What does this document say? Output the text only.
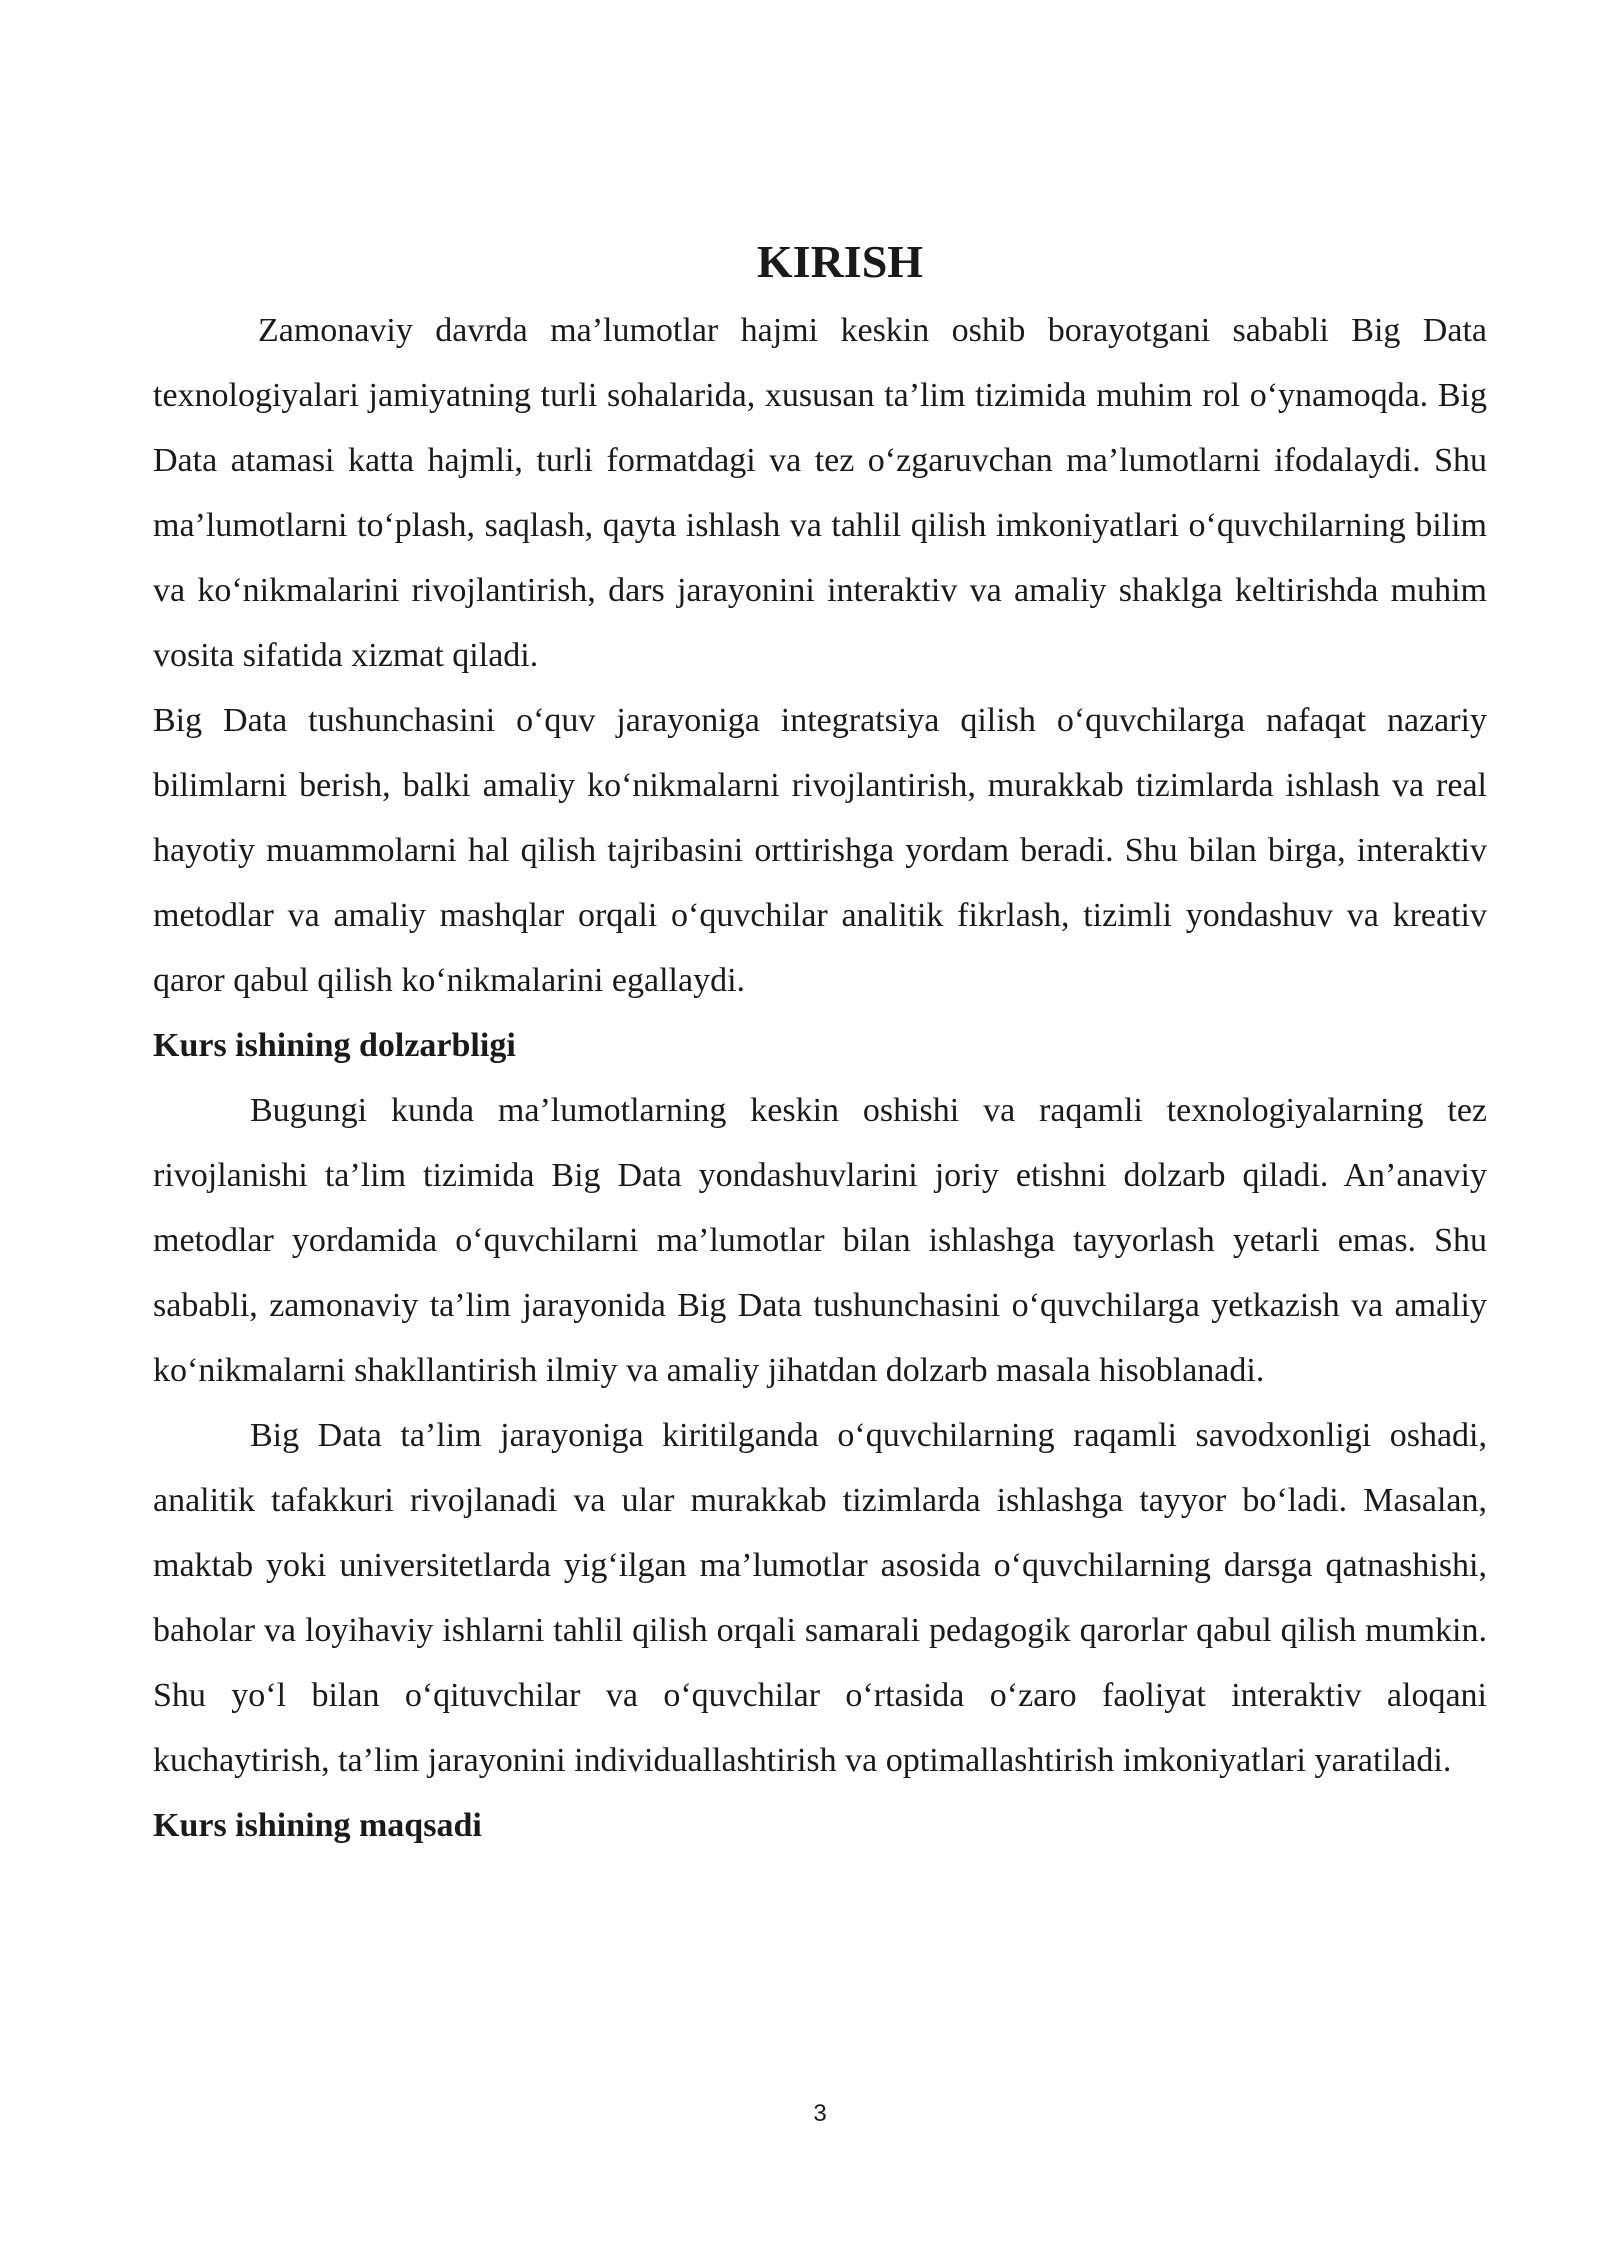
KIRISH

Zamonaviy davrda ma’lumotlar hajmi keskin oshib borayotgani sababli Big Data texnologiyalari jamiyatning turli sohalarida, xususan ta’lim tizimida muhim rol o‘ynamoqda. Big Data atamasi katta hajmli, turli formatdagi va tez o‘zgaruvchan ma’lumotlarni ifodalaydi. Shu ma’lumotlarni to‘plash, saqlash, qayta ishlash va tahlil qilish imkoniyatlari o‘quvchilarning bilim va ko‘nikmalarini rivojlantirish, dars jarayonini interaktiv va amaliy shaklga keltirishda muhim vosita sifatida xizmat qiladi.

Big Data tushunchasini o‘quv jarayoniga integratsiya qilish o‘quvchilarga nafaqat nazariy bilimlarni berish, balki amaliy ko‘nikmalarni rivojlantirish, murakkab tizimlarda ishlash va real hayotiy muammolarni hal qilish tajribasini orttirishga yordam beradi. Shu bilan birga, interaktiv metodlar va amaliy mashqlar orqali o‘quvchilar analitik fikrlash, tizimli yondashuv va kreativ qaror qabul qilish ko‘nikmalarini egallaydi.

Kurs ishining dolzarbligi

Bugungi kunda ma’lumotlarning keskin oshishi va raqamli texnologiyalarning tez rivojlanishi ta’lim tizimida Big Data yondashuvlarini joriy etishni dolzarb qiladi. An’anaviy metodlar yordamida o‘quvchilarni ma’lumotlar bilan ishlashga tayyorlash yetarli emas. Shu sababli, zamonaviy ta’lim jarayonida Big Data tushunchasini o‘quvchilarga yetkazish va amaliy ko‘nikmalarni shakllantirish ilmiy va amaliy jihatdan dolzarb masala hisoblanadi.

Big Data ta’lim jarayoniga kiritilganda o‘quvchilarning raqamli savodxonligi oshadi, analitik tafakkuri rivojlanadi va ular murakkab tizimlarda ishlashga tayyor bo‘ladi. Masalan, maktab yoki universitetlarda yig‘ilgan ma’lumotlar asosida o‘quvchilarning darsga qatnashishi, baholar va loyihaviy ishlarni tahlil qilish orqali samarali pedagogik qarorlar qabul qilish mumkin. Shu yo‘l bilan o‘qituvchilar va o‘quvchilar o‘rtasida o‘zaro faoliyat interaktiv aloqani kuchaytirish, ta’lim jarayonini individuallashtirish va optimallashtirish imkoniyatlari yaratiladi.

Kurs ishining maqsadi

3
